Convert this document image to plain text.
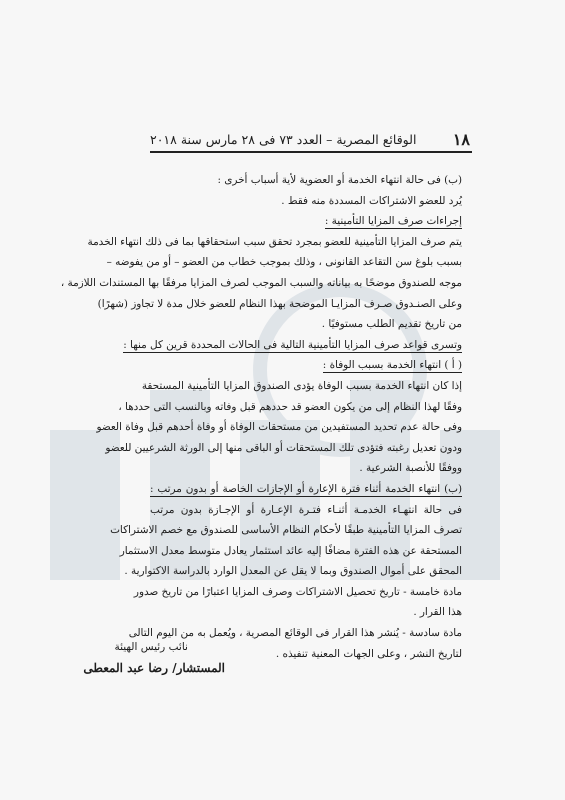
١٨
الوقائع المصرية – العدد ٧٣ فى ٢٨ مارس سنة ٢٠١٨
(ب) فى حالة انتهاء الخدمة أو العضوية لأية أسباب أخرى :
يُرد للعضو الاشتراكات المسددة منه فقط .
إجراءات صرف المزايا التأمينية :
يتم صرف المزايا التأمينية للعضو بمجرد تحقق سبب استحقاقها بما فى ذلك انتهاء الخدمة
بسبب بلوغ سن التقاعد القانونى ، وذلك بموجب خطاب من العضو – أو من يفوضه –
موجه للصندوق موضحًا به بياناته والسبب الموجب لصرف المزايا مرفقًا بها المستندات اللازمة ،
وعلى الصنـدوق صـرف المزايـا الموضحة بهذا النظام للعضو خلال مدة لا تجاوز (شهرًا)
من تاريخ تقديم الطلب مستوفيًا .
وتسرى قواعد صرف المزايا التأمينية التالية فى الحالات المحددة قرين كل منها :
( أ ) انتهاء الخدمة بسبب الوفاة :
إذا كان انتهاء الخدمة بسبب الوفاة يؤدى الصندوق المزايا التأمينية المستحقة
وفقًا لهذا النظام إلى من يكون العضو قد حددهم قبل وفاته وبالنسب التى حددها ،
وفى حالة عدم تحديد المستفيدين من مستحقات الوفاة أو وفاة أحدهم قبل وفاة العضو
ودون تعديل رغبته فتؤدى تلك المستحقات أو الباقى منها إلى الورثة الشرعيين للعضو
ووفقًا للأنصبة الشرعية .
(ب) انتهاء الخدمة أثناء فترة الإعارة أو الإجازات الخاصة أو بدون مرتب :
فى حالة انتهـاء الخدمـة أثنـاء فتـرة الإعـارة أو الإجـازة بدون مرتب
تصرف المزايا التأمينية طبقًا لأحكام النظام الأساسى للصندوق مع خصم الاشتراكات
المستحقة عن هذه الفترة مضافًا إليه عائد استثمار يعادل متوسط معدل الاستثمار
المحقق على أموال الصندوق وبما لا يقل عن المعدل الوارد بالدراسة الاكتوارية .
مادة خامسة - تاريخ تحصيل الاشتراكات وصرف المزايا اعتبارًا من تاريخ صدور
هذا القرار .
مادة سادسة - يُنشر هذا القرار فى الوقائع المصرية ، ويُعمل به من اليوم التالى
لتاريخ النشر ، وعلى الجهات المعنية تنفيذه .
نائب رئيس الهيئة
المستشار/ رضا عبد المعطى
